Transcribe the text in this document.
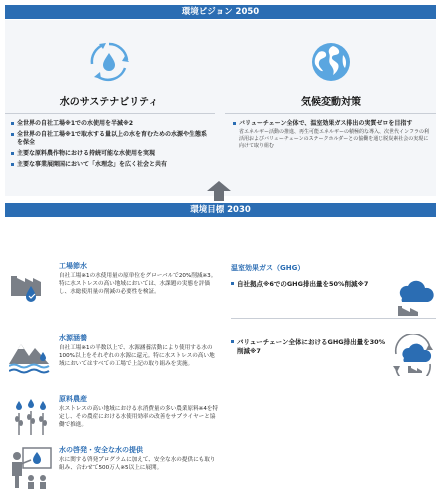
環境ビジョン 2050
水のサステナビリティ
全世界の自社工場※1での水使用を半減※2
全世界の自社工場※1で取水する量以上の水を育むための水源や生態系を保全
主要な原料農作物における持続可能な水使用を実現
主要な事業展開国において「水理念」を広く社会と共有
気候変動対策
バリューチェーン全体で、温室効果ガス排出の実質ゼロを目指す
省エネルギー活動の推進、再生可能エネルギーの積極的な導入、次世代インフラの利活用およびバリューチェーンのステークホルダーとの協働を通じ脱炭素社会の実現に向けて取り組む
環境目標 2030
工場節水
自社工場※1の水使用量の原単位をグローバルで20%削減※3。特に水ストレスの高い地域においては、水課題の実態を評価し、水総使用量の削減の必要性を検証。
水源涵養
自社工場※1の半数以上で、水源涵養活動により使用する水の100%以上をそれぞれの水源に還元。特に水ストレスの高い地域においてはすべての工場で上記の取り組みを実施。
原料農産
水ストレスの高い地域における水消費量の多い農業原料※4を特定し、その農産における水使用効率の改善をサプライヤーと協働で推進。
水の啓発・安全な水の提供
水に関する啓発プログラムに加えて、安全な水の提供にも取り組み、合わせて500万人※5以上に展開。
温室効果ガス（GHG）
自社拠点※6でのGHG排出量を50%削減※7
バリューチェーン全体におけるGHG排出量を30%削減※7
